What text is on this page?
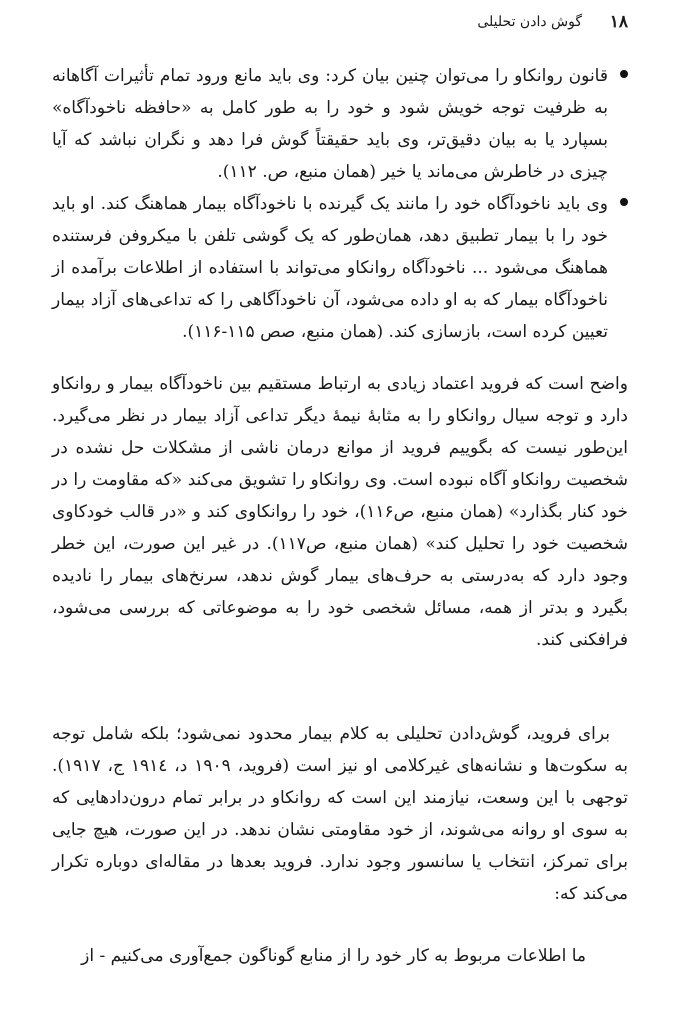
۱۸
گوش دادن تحلیلی

قانون روانکاو را می‌توان چنین بیان کرد: وی باید مانع ورود تمام تأثیرات آگاهانه به ظرفیت توجه خویش شود و خود را به طور کامل به «حافظه ناخودآگاه» بسپارد یا به بیان دقیق‌تر، وی باید حقیقتاً گوش فرا دهد و نگران نباشد که آیا چیزی در خاطرش می‌ماند یا خیر (همان منبع، ص. ۱۱۲).

وی باید ناخودآگاه خود را مانند یک گیرنده با ناخودآگاه بیمار هماهنگ کند. او باید خود را با بیمار تطبیق دهد، همان‌طور که یک گوشی تلفن با میکروفن فرستنده هماهنگ می‌شود ... ناخودآگاه روانکاو می‌تواند با استفاده از اطلاعات برآمده از ناخودآگاه بیمار که به او داده می‌شود، آن ناخودآگاهی را که تداعی‌های آزاد بیمار تعیین کرده است، بازسازی کند. (همان منبع، صص ۱۱۵-۱۱۶).

واضح است که فروید اعتماد زیادی به ارتباط مستقیم بین ناخودآگاه بیمار و روانکاو دارد و توجه سیال روانکاو را به مثابهٔ نیمهٔ دیگر تداعی آزاد بیمار در نظر می‌گیرد. این‌طور نیست که بگوییم فروید از موانع درمان ناشی از مشکلات حل نشده در شخصیت روانکاو آگاه نبوده است. وی روانکاو را تشویق می‌کند «که مقاومت را در خود کنار بگذارد» (همان منبع، ص۱۱۶)، خود را روانکاوی کند و «در قالب خودکاوی شخصیت خود را تحلیل کند» (همان منبع، ص۱۱۷). در غیر این صورت، این خطر وجود دارد که به‌درستی به حرف‌های بیمار گوش ندهد، سرنخ‌های بیمار را نادیده بگیرد و بدتر از همه، مسائل شخصی خود را به موضوعاتی که بررسی می‌شود، فرافکنی کند.

برای فروید، گوش‌دادن تحلیلی به کلام بیمار محدود نمی‌شود؛ بلکه شامل توجه به سکوت‌ها و نشانه‌های غیرکلامی او نیز است (فروید، ۱۹۰۹ د، ۱۹۱٤ ج، ۱۹۱۷). توجهی با این وسعت، نیازمند این است که روانکاو در برابر تمام درون‌دادهایی که به سوی او روانه می‌شوند، از خود مقاومتی نشان ندهد. در این صورت، هیچ جایی برای تمرکز، انتخاب یا سانسور وجود ندارد. فروید بعدها در مقاله‌ای دوباره تکرار می‌کند که:

ما اطلاعات مربوط به کار خود را از منابع گوناگون جمع‌آوری می‌کنیم - از
